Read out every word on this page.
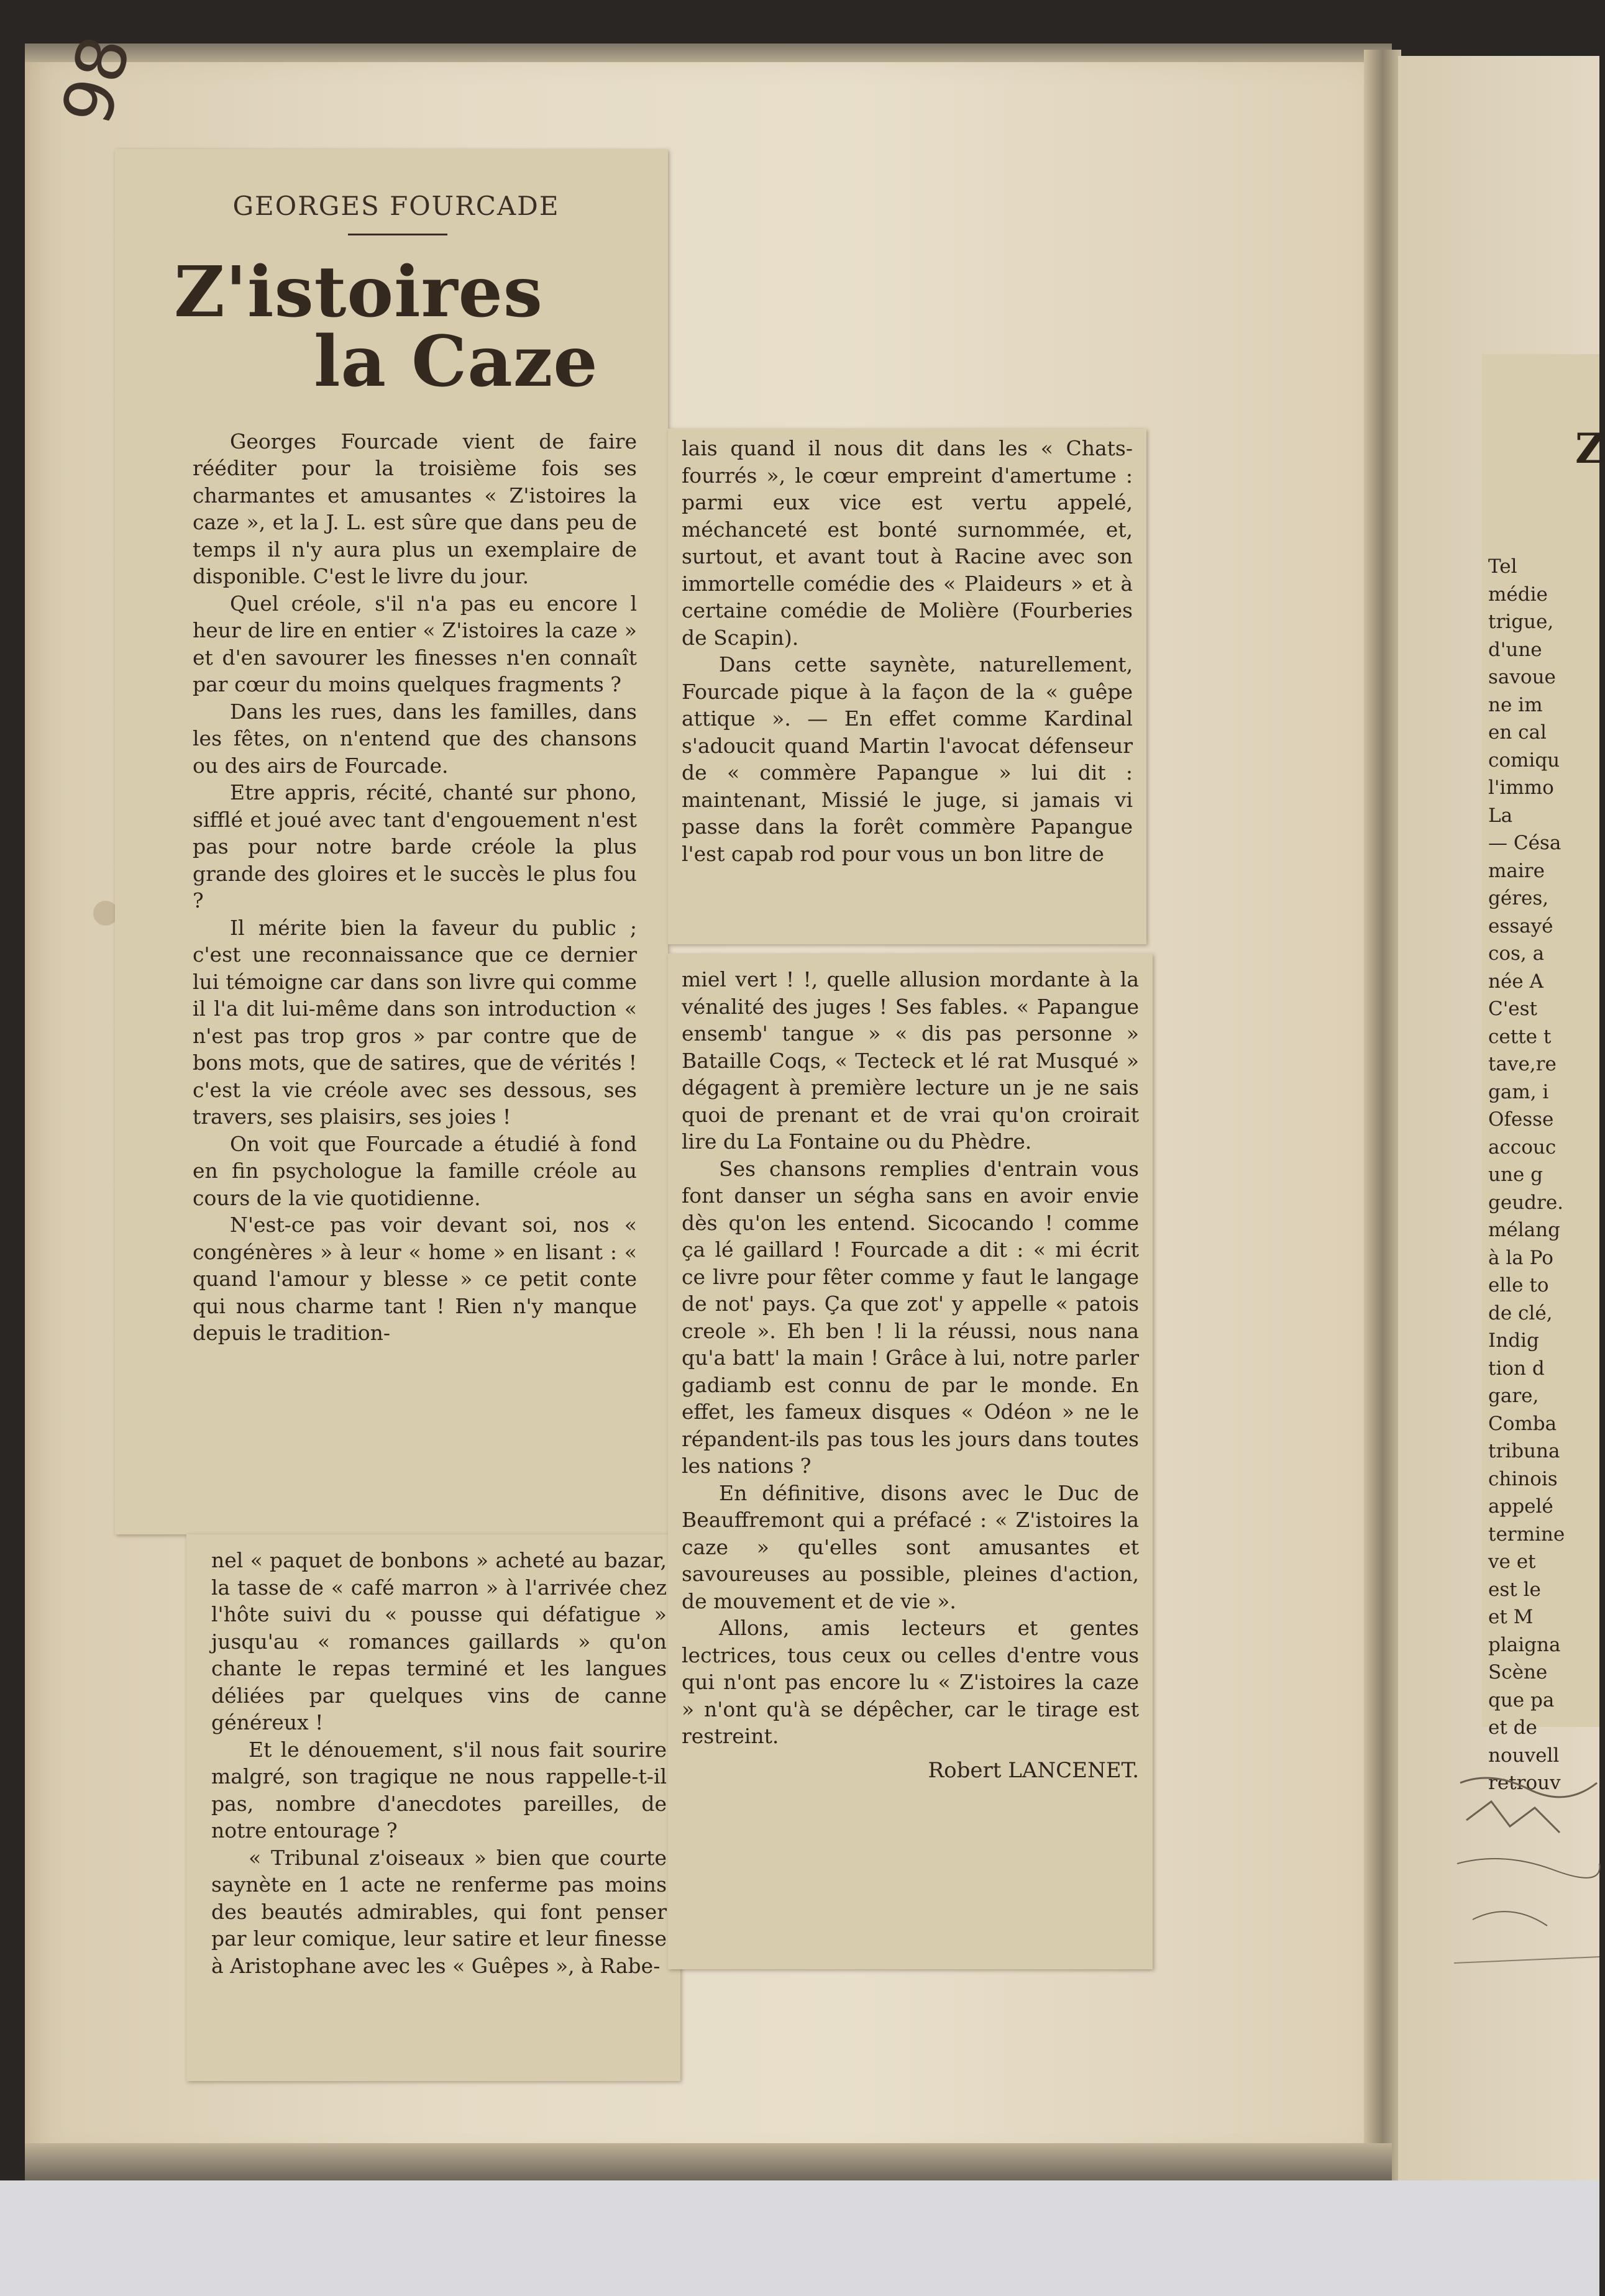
98
GEORGES FOURCADE
Z'istoires
la Caze

Georges Fourcade vient de faire rééditer pour la troisième fois ses charmantes et amusantes « Z'istoires la caze », et la J. L. est sûre que dans peu de temps il n'y aura plus un exemplaire de disponible. C'est le livre du jour.

Quel créole, s'il n'a pas eu encore l heur de lire en entier « Z'istoires la caze » et d'en savourer les finesses n'en connaît par cœur du moins quelques fragments ?

Dans les rues, dans les familles, dans les fêtes, on n'entend que des chansons ou des airs de Fourcade.

Etre appris, récité, chanté sur phono, sifflé et joué avec tant d'engouement n'est pas pour notre barde créole la plus grande des gloires et le succès le plus fou ?

Il mérite bien la faveur du public ; c'est une reconnaissance que ce dernier lui témoigne car dans son livre qui comme il l'a dit lui-même dans son introduction « n'est pas trop gros » par contre que de bons mots, que de satires, que de vérités ! c'est la vie créole avec ses dessous, ses travers, ses plaisirs, ses joies !

On voit que Fourcade a étudié à fond en fin psychologue la famille créole au cours de la vie quotidienne.

N'est-ce pas voir devant soi, nos « congénères » à leur « home » en lisant : « quand l'amour y blesse » ce petit conte qui nous charme tant ! Rien n'y manque depuis le tradition-

nel « paquet de bonbons » acheté au bazar, la tasse de « café marron » à l'arrivée chez l'hôte suivi du « pousse qui défatigue » jusqu'au « romances gaillards » qu'on chante le repas terminé et les langues déliées par quelques vins de canne généreux !

Et le dénouement, s'il nous fait sourire malgré, son tragique ne nous rappelle-t-il pas, nombre d'anecdotes pareilles, de notre entourage ?

« Tribunal z'oiseaux » bien que courte saynète en 1 acte ne renferme pas moins des beautés admirables, qui font penser par leur comique, leur satire et leur finesse à Aristophane avec les « Guêpes », à Rabe-

lais quand il nous dit dans les « Chats-fourrés », le cœur empreint d'amertume : parmi eux vice est vertu appelé, méchanceté est bonté surnommée, et, surtout, et avant tout à Racine avec son immortelle comédie des « Plaideurs » et à certaine comédie de Molière (Fourberies de Scapin).

Dans cette saynète, naturellement, Fourcade pique à la façon de la « guêpe attique ». — En effet comme Kardinal s'adoucit quand Martin l'avocat défenseur de « commère Papangue » lui dit : maintenant, Missié le juge, si jamais vi passe dans la forêt commère Papangue l'est capab rod pour vous un bon litre de

miel vert ! !, quelle allusion mordante à la vénalité des juges ! Ses fables. « Papangue ensemb' tangue » « dis pas personne » Bataille Coqs, « Tecteck et lé rat Musqué » dégagent à première lecture un je ne sais quoi de prenant et de vrai qu'on croirait lire du La Fontaine ou du Phèdre.

Ses chansons remplies d'entrain vous font danser un ségha sans en avoir envie dès qu'on les entend. Sicocando ! comme ça lé gaillard ! Fourcade a dit : « mi écrit ce livre pour fêter comme y faut le langage de not' pays. Ça que zot' y appelle « patois creole ». Eh ben ! li la réussi, nous nana qu'a batt' la main ! Grâce à lui, notre parler gadiamb est connu de par le monde. En effet, les fameux disques « Odéon » ne le répandent-ils pas tous les jours dans toutes les nations ?

En définitive, disons avec le Duc de Beauffremont qui a préfacé : « Z'istoires la caze » qu'elles sont amusantes et savoureuses au possible, pleines d'action, de mouvement et de vie ».

Allons, amis lecteurs et gentes lectrices, tous ceux ou celles d'entre vous qui n'ont pas encore lu « Z'istoires la caze » n'ont qu'à se dépêcher, car le tirage est restreint.

Robert LANCENET.
Z
Tel
médie
trigue,
d'une
savoue
ne im
en cal
comiqu
l'immo
La
— Césa
maire
géres,
essayé
cos, a
née A
C'est
cette t
tave,re
gam, i
Ofesse
accouc
une g
geudre.
mélang
à la Po
elle to
de clé,
Indig
tion d
gare,
Comba
tribuna
chinois
appelé
termine
ve et
est le
et M
plaigna
Scène
que pa
et de
nouvell
retrouv
